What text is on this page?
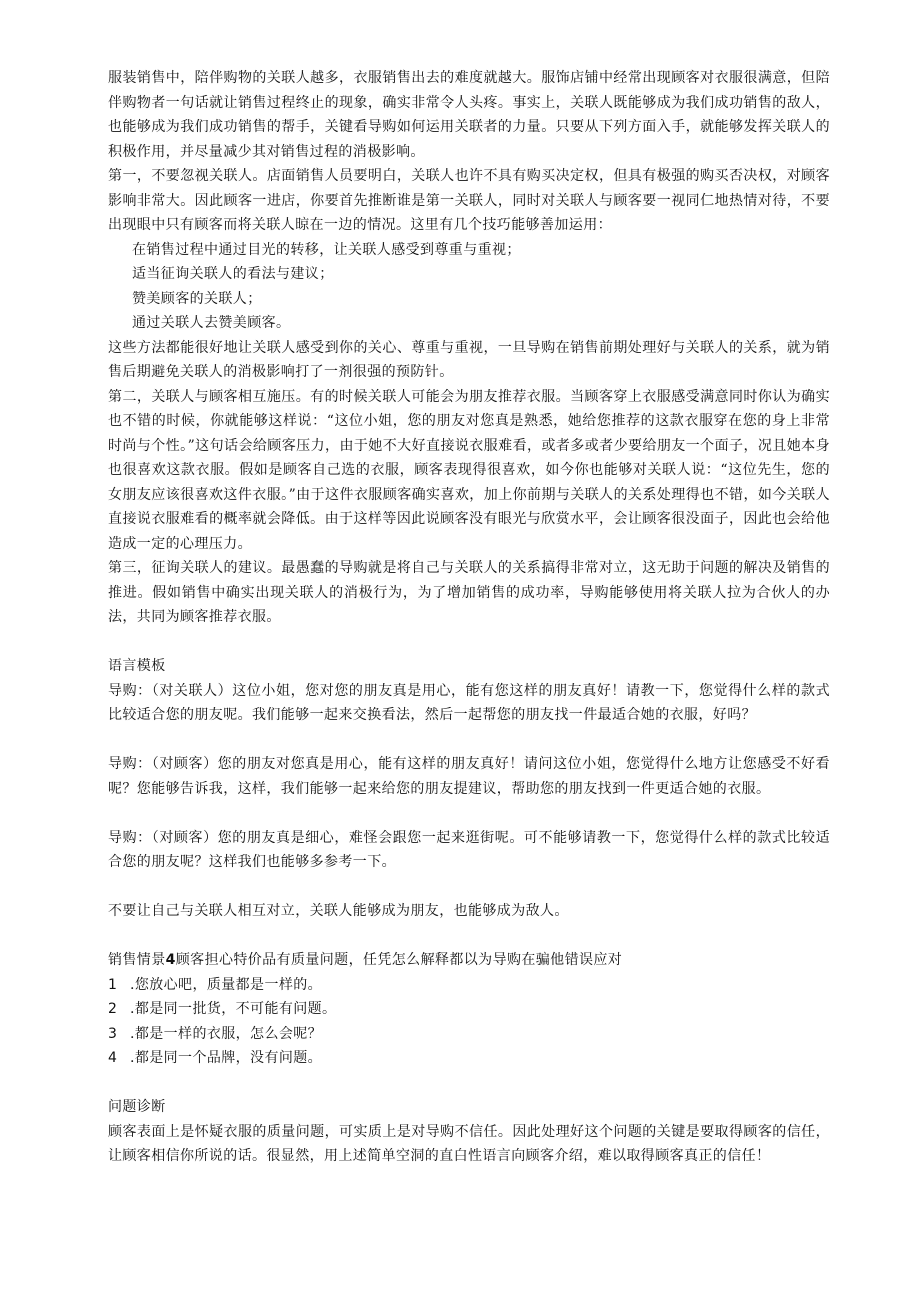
服装销售中，陪伴购物的关联人越多，衣服销售出去的难度就越大。服饰店铺中经常出现顾客对衣服很满意，但陪伴购物者一句话就让销售过程终止的现象，确实非常令人头疼。事实上，关联人既能够成为我们成功销售的敌人，也能够成为我们成功销售的帮手，关键看导购如何运用关联者的力量。只要从下列方面入手，就能够发挥关联人的积极作用，并尽量减少其对销售过程的消极影响。

第一，不要忽视关联人。店面销售人员要明白，关联人也许不具有购买决定权，但具有极强的购买否决权，对顾客影响非常大。因此顾客一进店，你要首先推断谁是第一关联人，同时对关联人与顾客要一视同仁地热情对待，不要出现眼中只有顾客而将关联人晾在一边的情况。这里有几个技巧能够善加运用：

在销售过程中通过目光的转移，让关联人感受到尊重与重视；

适当征询关联人的看法与建议；

赞美顾客的关联人；

通过关联人去赞美顾客。

这些方法都能很好地让关联人感受到你的关心、尊重与重视，一旦导购在销售前期处理好与关联人的关系，就为销售后期避免关联人的消极影响打了一剂很强的预防针。

第二，关联人与顾客相互施压。有的时候关联人可能会为朋友推荐衣服。当顾客穿上衣服感受满意同时你认为确实也不错的时候，你就能够这样说：“这位小姐，您的朋友对您真是熟悉，她给您推荐的这款衣服穿在您的身上非常时尚与个性。”这句话会给顾客压力，由于她不大好直接说衣服难看，或者多或者少要给朋友一个面子，况且她本身也很喜欢这款衣服。假如是顾客自己选的衣服，顾客表现得很喜欢，如今你也能够对关联人说：“这位先生，您的女朋友应该很喜欢这件衣服。”由于这件衣服顾客确实喜欢，加上你前期与关联人的关系处理得也不错，如今关联人直接说衣服难看的概率就会降低。由于这样等因此说顾客没有眼光与欣赏水平，会让顾客很没面子，因此也会给他造成一定的心理压力。

第三，征询关联人的建议。最愚蠢的导购就是将自己与关联人的关系搞得非常对立，这无助于问题的解决及销售的推进。假如销售中确实出现关联人的消极行为，为了增加销售的成功率，导购能够使用将关联人拉为合伙人的办法，共同为顾客推荐衣服。

语言模板

导购：（对关联人）这位小姐，您对您的朋友真是用心，能有您这样的朋友真好！请教一下，您觉得什么样的款式比较适合您的朋友呢。我们能够一起来交换看法，然后一起帮您的朋友找一件最适合她的衣服，好吗？

导购：（对顾客）您的朋友对您真是用心，能有这样的朋友真好！请问这位小姐，您觉得什么地方让您感受不好看呢？您能够告诉我，这样，我们能够一起来给您的朋友提建议，帮助您的朋友找到一件更适合她的衣服。

导购：（对顾客）您的朋友真是细心，难怪会跟您一起来逛街呢。可不能够请教一下，您觉得什么样的款式比较适合您的朋友呢？这样我们也能够多参考一下。

不要让自己与关联人相互对立，关联人能够成为朋友，也能够成为敌人。

销售情景4顾客担心特价品有质量问题，任凭怎么解释都以为导购在骗他错误应对

1 .您放心吧，质量都是一样的。
2 .都是同一批货，不可能有问题。
3 .都是一样的衣服，怎么会呢？
4 .都是同一个品牌，没有问题。

问题诊断

顾客表面上是怀疑衣服的质量问题，可实质上是对导购不信任。因此处理好这个问题的关键是要取得顾客的信任，让顾客相信你所说的话。很显然，用上述简单空洞的直白性语言向顾客介绍，难以取得顾客真正的信任！
